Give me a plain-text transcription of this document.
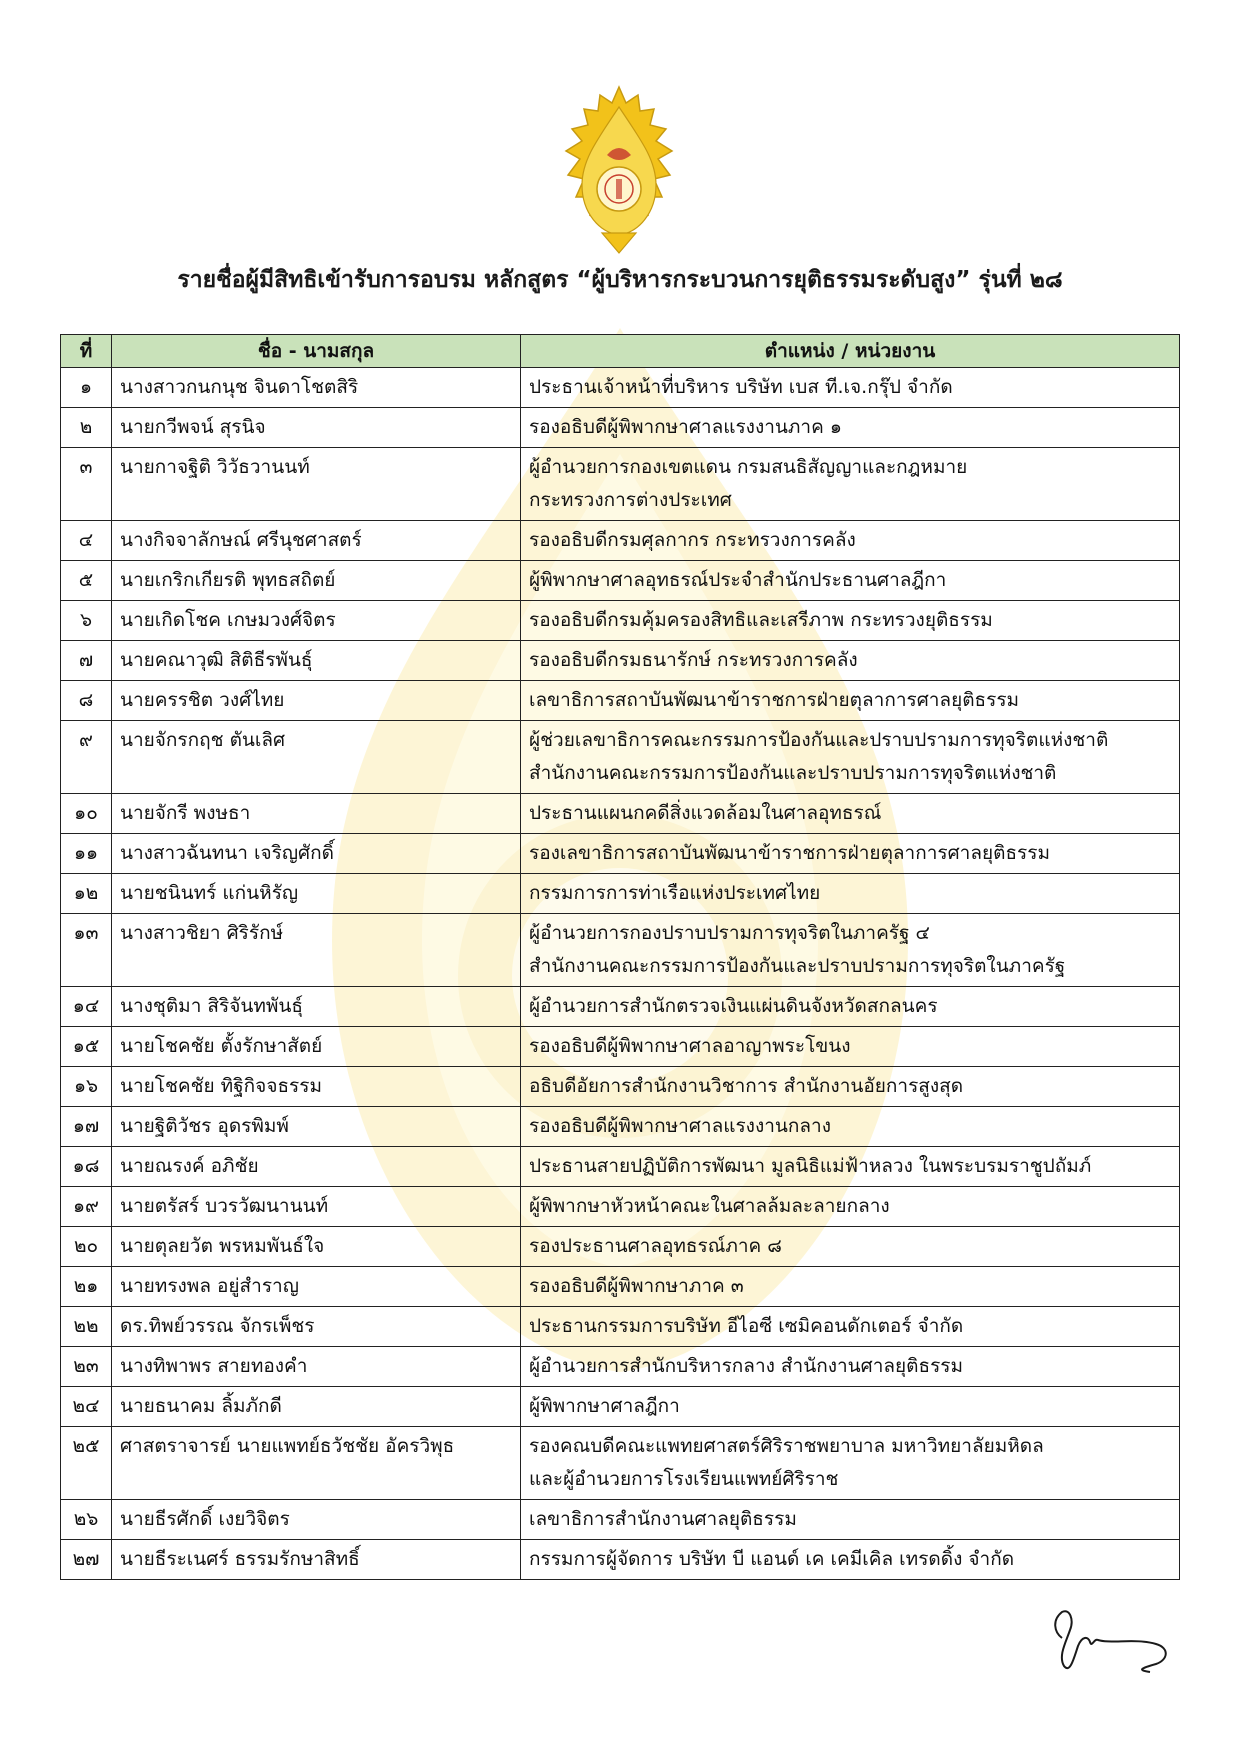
รายชื่อผู้มีสิทธิเข้ารับการอบรม หลักสูตร “ผู้บริหารกระบวนการยุติธรรมระดับสูง” รุ่นที่ ๒๘
ที่	ชื่อ - นามสกุล	ตำแหน่ง / หน่วยงาน
๑	นางสาวกนกนุช จินดาโชตสิริ	ประธานเจ้าหน้าที่บริหาร บริษัท เบส ที.เจ.กรุ๊ป จำกัด
๒	นายกวีพจน์ สุรนิจ	รองอธิบดีผู้พิพากษาศาลแรงงานภาค ๑
๓	นายกาจฐิติ วิวัธวานนท์	ผู้อำนวยการกองเขตแดน กรมสนธิสัญญาและกฎหมาย
กระทรวงการต่างประเทศ
๔	นางกิจจาลักษณ์ ศรีนุชศาสตร์	รองอธิบดีกรมศุลกากร กระทรวงการคลัง
๕	นายเกริกเกียรติ พุทธสถิตย์	ผู้พิพากษาศาลอุทธรณ์ประจำสำนักประธานศาลฎีกา
๖	นายเกิดโชค เกษมวงศ์จิตร	รองอธิบดีกรมคุ้มครองสิทธิและเสรีภาพ กระทรวงยุติธรรม
๗	นายคณาวุฒิ สิติธีรพันธุ์	รองอธิบดีกรมธนารักษ์ กระทรวงการคลัง
๘	นายครรชิต วงศ์ไทย	เลขาธิการสถาบันพัฒนาข้าราชการฝ่ายตุลาการศาลยุติธรรม
๙	นายจักรกฤช ตันเลิศ	ผู้ช่วยเลขาธิการคณะกรรมการป้องกันและปราบปรามการทุจริตแห่งชาติ
สำนักงานคณะกรรมการป้องกันและปราบปรามการทุจริตแห่งชาติ
๑๐	นายจักรี พงษธา	ประธานแผนกคดีสิ่งแวดล้อมในศาลอุทธรณ์
๑๑	นางสาวฉันทนา เจริญศักดิ์	รองเลขาธิการสถาบันพัฒนาข้าราชการฝ่ายตุลาการศาลยุติธรรม
๑๒	นายชนินทร์ แก่นหิรัญ	กรรมการการท่าเรือแห่งประเทศไทย
๑๓	นางสาวชิยา ศิริรักษ์	ผู้อำนวยการกองปราบปรามการทุจริตในภาครัฐ ๔
สำนักงานคณะกรรมการป้องกันและปราบปรามการทุจริตในภาครัฐ
๑๔	นางชุติมา สิริจันทพันธุ์	ผู้อำนวยการสำนักตรวจเงินแผ่นดินจังหวัดสกลนคร
๑๕	นายโชคชัย ตั้งรักษาสัตย์	รองอธิบดีผู้พิพากษาศาลอาญาพระโขนง
๑๖	นายโชคชัย ทิฐิกิจจธรรม	อธิบดีอัยการสำนักงานวิชาการ สำนักงานอัยการสูงสุด
๑๗	นายฐิติวัชร อุดรพิมพ์	รองอธิบดีผู้พิพากษาศาลแรงงานกลาง
๑๘	นายณรงค์ อภิชัย	ประธานสายปฏิบัติการพัฒนา มูลนิธิแม่ฟ้าหลวง ในพระบรมราชูปถัมภ์
๑๙	นายตรัสร์ บวรวัฒนานนท์	ผู้พิพากษาหัวหน้าคณะในศาลล้มละลายกลาง
๒๐	นายตุลยวัต พรหมพันธ์ใจ	รองประธานศาลอุทธรณ์ภาค ๘
๒๑	นายทรงพล อยู่สำราญ	รองอธิบดีผู้พิพากษาภาค ๓
๒๒	ดร.ทิพย์วรรณ จักรเพ็ชร	ประธานกรรมการบริษัท อีไอซี เซมิคอนดักเตอร์ จำกัด
๒๓	นางทิพาพร สายทองคำ	ผู้อำนวยการสำนักบริหารกลาง สำนักงานศาลยุติธรรม
๒๔	นายธนาคม ลิ้มภักดี	ผู้พิพากษาศาลฎีกา
๒๕	ศาสตราจารย์ นายแพทย์ธวัชชัย อัครวิพุธ	รองคณบดีคณะแพทยศาสตร์ศิริราชพยาบาล มหาวิทยาลัยมหิดล
และผู้อำนวยการโรงเรียนแพทย์ศิริราช
๒๖	นายธีรศักดิ์ เงยวิจิตร	เลขาธิการสำนักงานศาลยุติธรรม
๒๗	นายธีระเนศร์ ธรรมรักษาสิทธิ์	กรรมการผู้จัดการ บริษัท บี แอนด์ เค เคมีเคิล เทรดดิ้ง จำกัด
